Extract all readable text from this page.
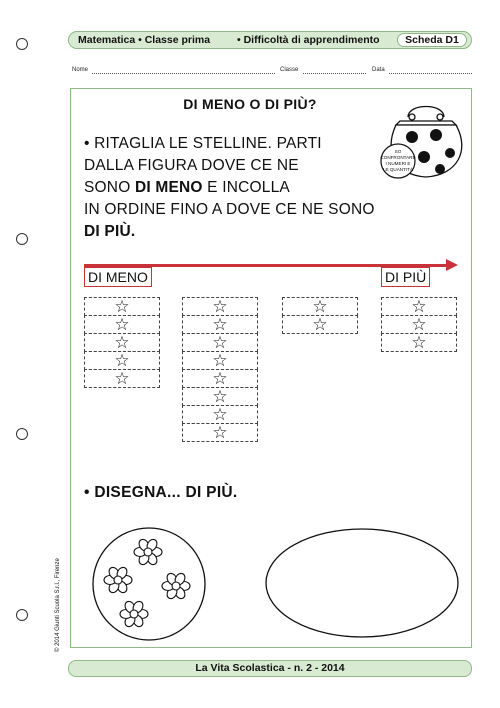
Matematica • Classe prima	• Difficoltà di apprendimento	Scheda D1
Nome	Classe	Data
DI MENO O DI PIÙ?
• RITAGLIA LE STELLINE. PARTI
DALLA FIGURA DOVE CE NE
SONO DI MENO E INCOLLA
IN ORDINE FINO A DOVE CE NE SONO
DI PIÙ.
SO
CONFRONTARE
I NUMERI E
LE QUANTITÀ
DI MENO	DI PIÙ
☆
☆
☆
☆
☆
☆
☆
☆
☆
☆
☆
☆
☆
☆
☆
☆
☆
☆
• DISEGNA... DI PIÙ.
© 2014 Giunti Scuola S.r.l., Firenze
La Vita Scolastica - n. 2 - 2014
